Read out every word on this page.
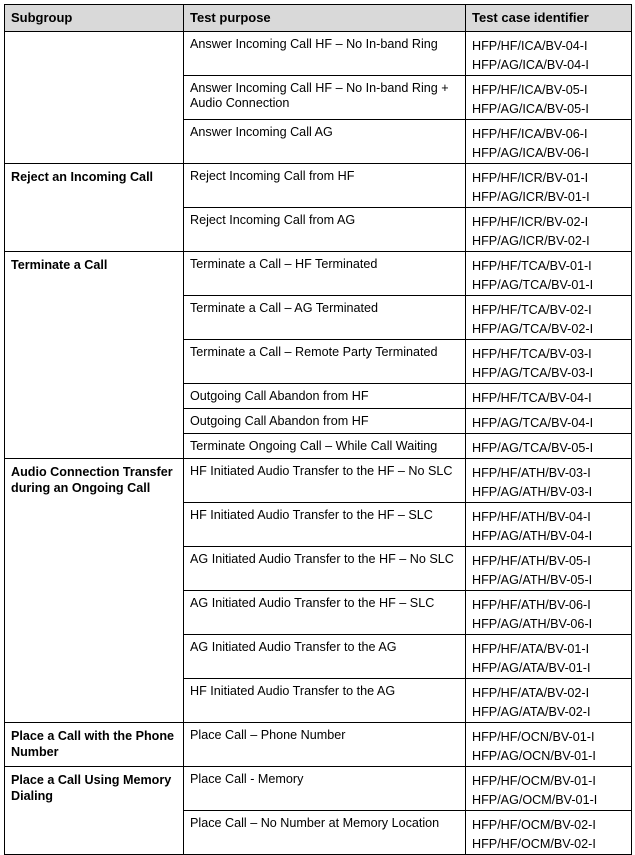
Subgroup	Test purpose	Test case identifier
	Answer Incoming Call HF – No In-band Ring	HFP/HF/ICA/BV-04-I
HFP/AG/ICA/BV-04-I

	Answer Incoming Call HF – No In-band Ring + Audio Connection	HFP/HF/ICA/BV-05-I
HFP/AG/ICA/BV-05-I

	Answer Incoming Call AG	HFP/HF/ICA/BV-06-I
HFP/AG/ICA/BV-06-I

Reject an Incoming Call	Reject Incoming Call from HF	HFP/HF/ICR/BV-01-I
HFP/AG/ICR/BV-01-I

	Reject Incoming Call from AG	HFP/HF/ICR/BV-02-I
HFP/AG/ICR/BV-02-I

Terminate a Call	Terminate a Call – HF Terminated	HFP/HF/TCA/BV-01-I
HFP/AG/TCA/BV-01-I

	Terminate a Call – AG Terminated	HFP/HF/TCA/BV-02-I
HFP/AG/TCA/BV-02-I

	Terminate a Call – Remote Party Terminated	HFP/HF/TCA/BV-03-I
HFP/AG/TCA/BV-03-I

	Outgoing Call Abandon from HF	HFP/HF/TCA/BV-04-I

	Outgoing Call Abandon from HF	HFP/AG/TCA/BV-04-I

	Terminate Ongoing Call – While Call Waiting	HFP/AG/TCA/BV-05-I

Audio Connection Transfer during an Ongoing Call	HF Initiated Audio Transfer to the HF – No SLC	HFP/HF/ATH/BV-03-I
HFP/AG/ATH/BV-03-I

	HF Initiated Audio Transfer to the HF – SLC	HFP/HF/ATH/BV-04-I
HFP/AG/ATH/BV-04-I

	AG Initiated Audio Transfer to the HF – No SLC	HFP/HF/ATH/BV-05-I
HFP/AG/ATH/BV-05-I

	AG Initiated Audio Transfer to the HF – SLC	HFP/HF/ATH/BV-06-I
HFP/AG/ATH/BV-06-I

	AG Initiated Audio Transfer to the AG	HFP/HF/ATA/BV-01-I
HFP/AG/ATA/BV-01-I

	HF Initiated Audio Transfer to the AG	HFP/HF/ATA/BV-02-I
HFP/AG/ATA/BV-02-I

Place a Call with the Phone Number	Place Call – Phone Number	HFP/HF/OCN/BV-01-I
HFP/AG/OCN/BV-01-I

Place a Call Using Memory Dialing	Place Call - Memory	HFP/HF/OCM/BV-01-I
HFP/AG/OCM/BV-01-I

	Place Call – No Number at Memory Location	HFP/HF/OCM/BV-02-I
HFP/HF/OCM/BV-02-I
